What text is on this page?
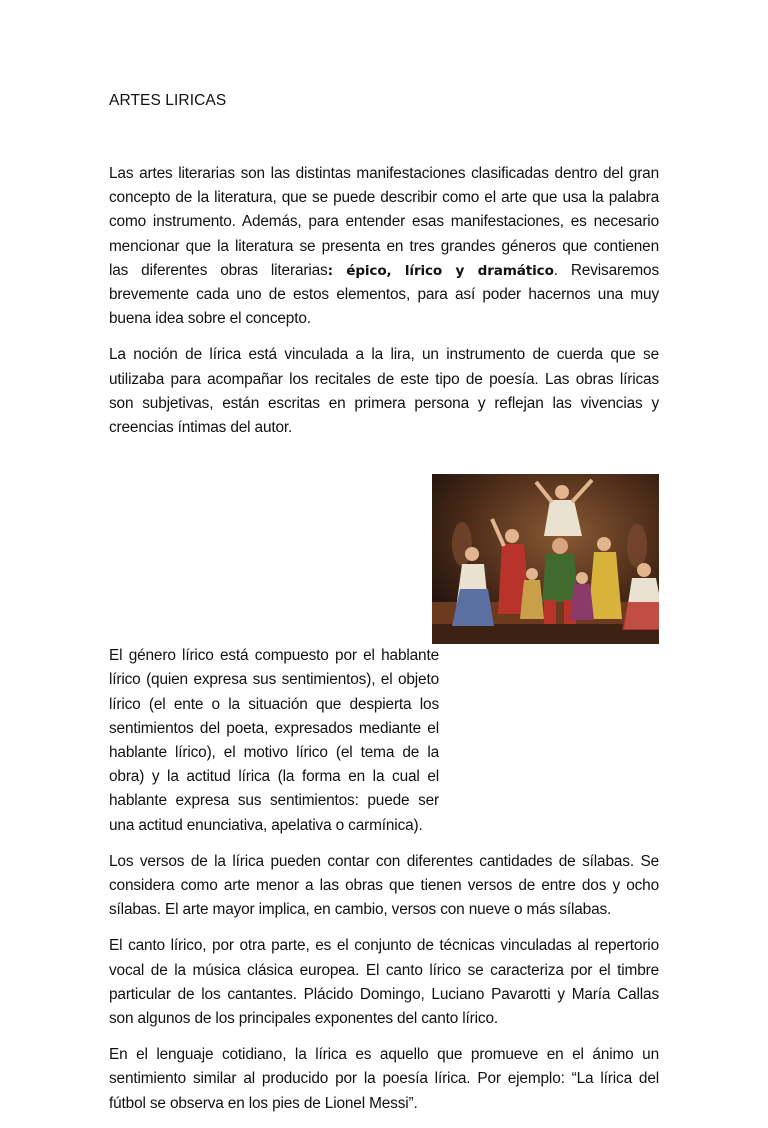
ARTES LIRICAS

Las artes literarias son las distintas manifestaciones clasificadas dentro del gran concepto de la literatura, que se puede describir como el arte que usa la palabra como instrumento. Además, para entender esas manifestaciones, es necesario mencionar que la literatura se presenta en tres grandes géneros que contienen las diferentes obras literarias: épico, lírico y dramático. Revisaremos brevemente cada uno de estos elementos, para así poder hacernos una muy buena idea sobre el concepto.

La noción de lírica está vinculada a la lira, un instrumento de cuerda que se utilizaba para acompañar los recitales de este tipo de poesía. Las obras líricas son subjetivas, están escritas en primera persona y reflejan las vivencias y creencias íntimas del autor.

El género lírico está compuesto por el hablante lírico (quien expresa sus sentimientos), el objeto lírico (el ente o la situación que despierta los sentimientos del poeta, expresados mediante el hablante lírico), el motivo lírico (el tema de la obra) y la actitud lírica (la forma en la cual el hablante expresa sus sentimientos: puede ser una actitud enunciativa, apelativa o carmínica).

Los versos de la lírica pueden contar con diferentes cantidades de sílabas. Se considera como arte menor a las obras que tienen versos de entre dos y ocho sílabas. El arte mayor implica, en cambio, versos con nueve o más sílabas.

El canto lírico, por otra parte, es el conjunto de técnicas vinculadas al repertorio vocal de la música clásica europea. El canto lírico se caracteriza por el timbre particular de los cantantes. Plácido Domingo, Luciano Pavarotti y María Callas son algunos de los principales exponentes del canto lírico.

En el lenguaje cotidiano, la lírica es aquello que promueve en el ánimo un sentimiento similar al producido por la poesía lírica. Por ejemplo: “La lírica del fútbol se observa en los pies de Lionel Messi”.
